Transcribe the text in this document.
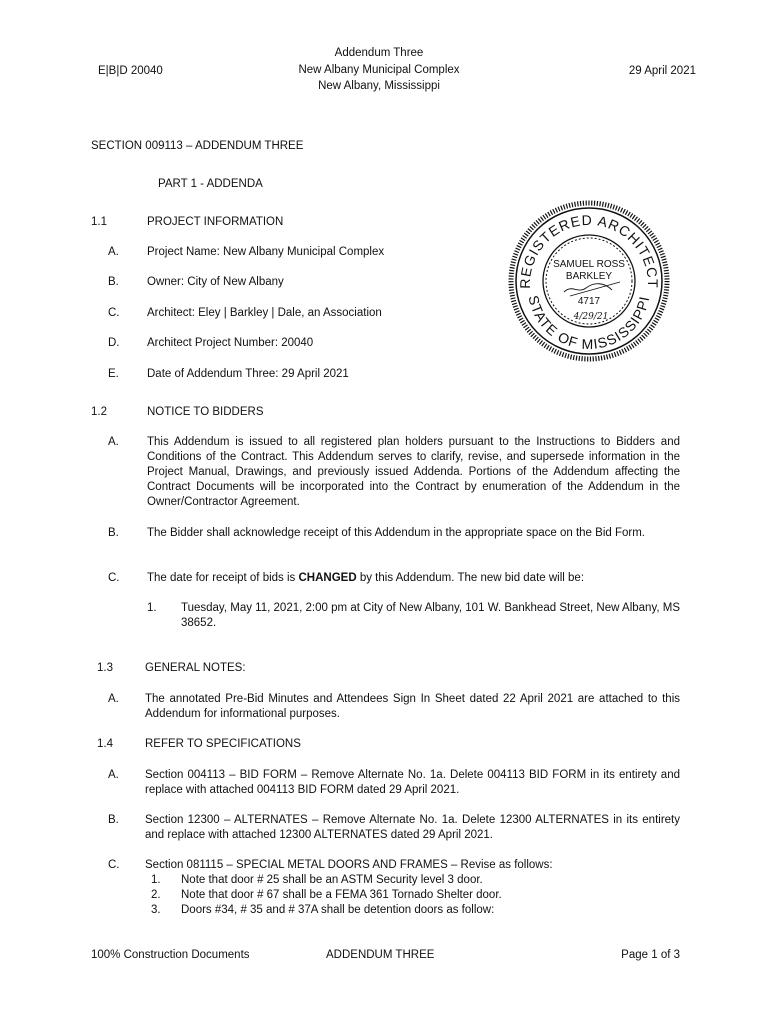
E|B|D 20040
Addendum Three
New Albany Municipal Complex
New Albany, Mississippi
29 April 2021
SECTION 009113 – ADDENDUM THREE
PART 1 - ADDENDA
1.1	PROJECT INFORMATION
A. Project Name: New Albany Municipal Complex
B. Owner: City of New Albany
C. Architect: Eley | Barkley | Dale, an Association
D. Architect Project Number: 20040
E. Date of Addendum Three: 29 April 2021
REGISTERED ARCHITECT
STATE OF MISSISSIPPI
SAMUEL ROSS
BARKLEY
4717
4/29/21
1.2	NOTICE TO BIDDERS
A. This Addendum is issued to all registered plan holders pursuant to the Instructions to Bidders and Conditions of the Contract. This Addendum serves to clarify, revise, and supersede information in the Project Manual, Drawings, and previously issued Addenda. Portions of the Addendum affecting the Contract Documents will be incorporated into the Contract by enumeration of the Addendum in the Owner/Contractor Agreement.
B. The Bidder shall acknowledge receipt of this Addendum in the appropriate space on the Bid Form.
C. The date for receipt of bids is CHANGED by this Addendum. The new bid date will be:
1. Tuesday, May 11, 2021, 2:00 pm at City of New Albany, 101 W. Bankhead Street, New Albany, MS 38652.
1.3	GENERAL NOTES:
A. The annotated Pre-Bid Minutes and Attendees Sign In Sheet dated 22 April 2021 are attached to this Addendum for informational purposes.
1.4	REFER TO SPECIFICATIONS
A. Section 004113 – BID FORM – Remove Alternate No. 1a. Delete 004113 BID FORM in its entirety and replace with attached 004113 BID FORM dated 29 April 2021.
B. Section 12300 – ALTERNATES – Remove Alternate No. 1a. Delete 12300 ALTERNATES in its entirety and replace with attached 12300 ALTERNATES dated 29 April 2021.
C. Section 081115 – SPECIAL METAL DOORS AND FRAMES – Revise as follows:
1. Note that door # 25 shall be an ASTM Security level 3 door.
2. Note that door # 67 shall be a FEMA 361 Tornado Shelter door.
3. Doors #34, # 35 and # 37A shall be detention doors as follow:
100% Construction Documents	ADDENDUM THREE	Page 1 of 3
